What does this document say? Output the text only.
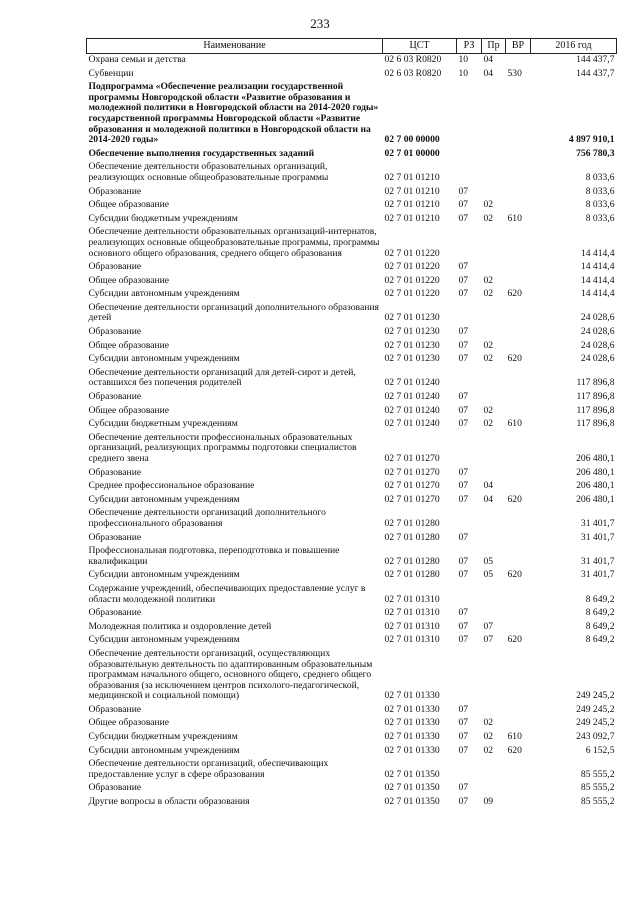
233
Наименование	ЦСТ	РЗ	Пр	ВР	2016 год
Охрана семьи и детства	02 6 03 R0820	10	04		144 437,7
Субвенции	02 6 03 R0820	10	04	530	144 437,7
Подпрограмма «Обеспечение реализации государственной программы Новгородской области «Развитие образования и молодежной политики в Новгородской области на 2014-2020 годы» государственной программы Новгородской области «Развитие образования и молодежной политики в Новгородской области на 2014-2020 годы»	02 7 00 00000				4 897 910,1
Обеспечение выполнения государственных заданий	02 7 01 00000				756 780,3
Обеспечение деятельности образовательных организаций, реализующих основные общеобразовательные программы	02 7 01 01210				8 033,6
Образование	02 7 01 01210	07			8 033,6
Общее образование	02 7 01 01210	07	02		8 033,6
Субсидии бюджетным учреждениям	02 7 01 01210	07	02	610	8 033,6
Обеспечение деятельности образовательных организаций-интернатов, реализующих основные общеобразовательные программы, программы основного общего образования, среднего общего образования	02 7 01 01220				14 414,4
Образование	02 7 01 01220	07			14 414,4
Общее образование	02 7 01 01220	07	02		14 414,4
Субсидии автономным учреждениям	02 7 01 01220	07	02	620	14 414,4
Обеспечение деятельности организаций дополнительного образования детей	02 7 01 01230				24 028,6
Образование	02 7 01 01230	07			24 028,6
Общее образование	02 7 01 01230	07	02		24 028,6
Субсидии автономным учреждениям	02 7 01 01230	07	02	620	24 028,6
Обеспечение деятельности организаций для детей-сирот и детей, оставшихся без попечения родителей	02 7 01 01240				117 896,8
Образование	02 7 01 01240	07			117 896,8
Общее образование	02 7 01 01240	07	02		117 896,8
Субсидии бюджетным учреждениям	02 7 01 01240	07	02	610	117 896,8
Обеспечение деятельности профессиональных образовательных организаций, реализующих программы подготовки специалистов среднего звена	02 7 01 01270				206 480,1
Образование	02 7 01 01270	07			206 480,1
Среднее профессиональное образование	02 7 01 01270	07	04		206 480,1
Субсидии автономным учреждениям	02 7 01 01270	07	04	620	206 480,1
Обеспечение деятельности организаций дополнительного профессионального образования	02 7 01 01280				31 401,7
Образование	02 7 01 01280	07			31 401,7
Профессиональная подготовка, переподготовка и повышение квалификации	02 7 01 01280	07	05		31 401,7
Субсидии автономным учреждениям	02 7 01 01280	07	05	620	31 401,7
Содержание учреждений, обеспечивающих предоставление услуг в области молодежной политики	02 7 01 01310				8 649,2
Образование	02 7 01 01310	07			8 649,2
Молодежная политика и оздоровление детей	02 7 01 01310	07	07		8 649,2
Субсидии автономным учреждениям	02 7 01 01310	07	07	620	8 649,2
Обеспечение деятельности организаций, осуществляющих образовательную деятельность по адаптированным образовательным программам начального общего, основного общего, среднего общего образования (за исключением центров психолого-педагогической, медицинской и социальной помощи)	02 7 01 01330				249 245,2
Образование	02 7 01 01330	07			249 245,2
Общее образование	02 7 01 01330	07	02		249 245,2
Субсидии бюджетным учреждениям	02 7 01 01330	07	02	610	243 092,7
Субсидии автономным учреждениям	02 7 01 01330	07	02	620	6 152,5
Обеспечение деятельности организаций, обеспечивающих предоставление услуг в сфере образования	02 7 01 01350				85 555,2
Образование	02 7 01 01350	07			85 555,2
Другие вопросы в области образования	02 7 01 01350	07	09		85 555,2
